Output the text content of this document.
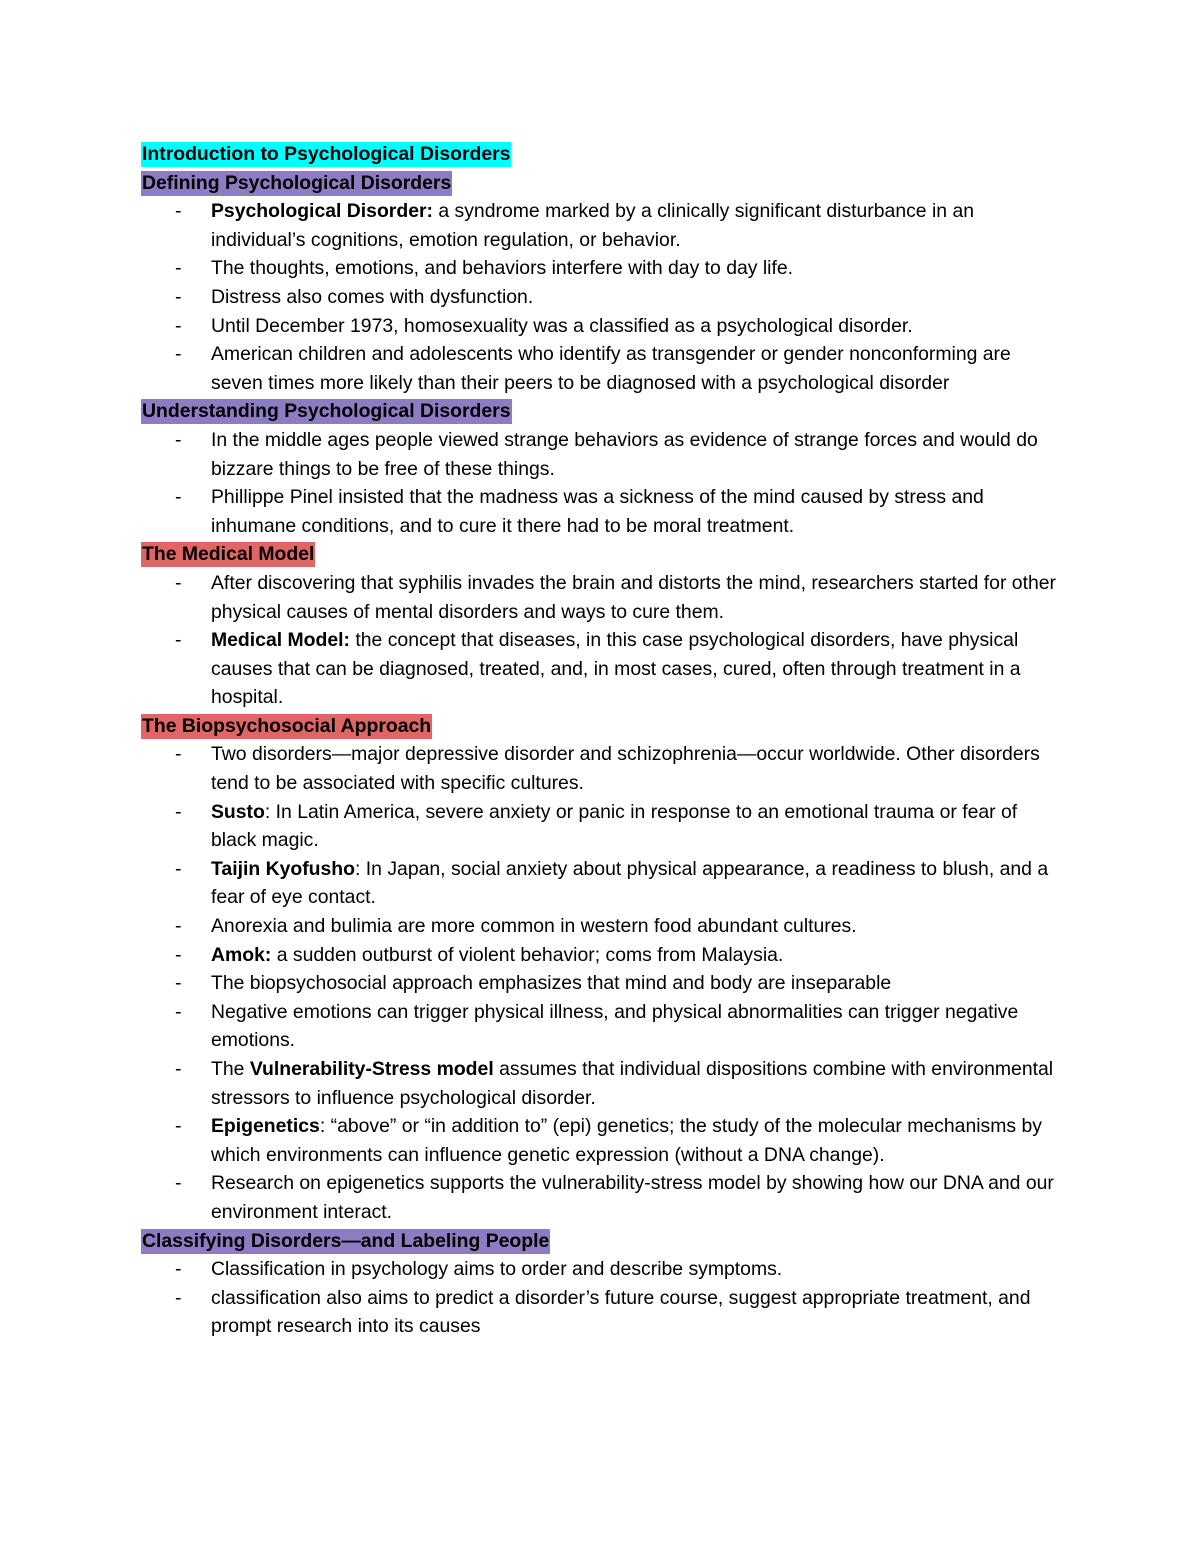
Introduction to Psychological Disorders
Defining Psychological Disorders
- Psychological Disorder: a syndrome marked by a clinically significant disturbance in an individual’s cognitions, emotion regulation, or behavior.
- The thoughts, emotions, and behaviors interfere with day to day life.
- Distress also comes with dysfunction.
- Until December 1973, homosexuality was a classified as a psychological disorder.
- American children and adolescents who identify as transgender or gender nonconforming are seven times more likely than their peers to be diagnosed with a psychological disorder
Understanding Psychological Disorders
- In the middle ages people viewed strange behaviors as evidence of strange forces and would do bizzare things to be free of these things.
- Phillippe Pinel insisted that the madness was a sickness of the mind caused by stress and inhumane conditions, and to cure it there had to be moral treatment.
The Medical Model
- After discovering that syphilis invades the brain and distorts the mind, researchers started for other physical causes of mental disorders and ways to cure them.
- Medical Model: the concept that diseases, in this case psychological disorders, have physical causes that can be diagnosed, treated, and, in most cases, cured, often through treatment in a hospital.
The Biopsychosocial Approach
- Two disorders—major depressive disorder and schizophrenia—occur worldwide. Other disorders tend to be associated with specific cultures.
- Susto: In Latin America, severe anxiety or panic in response to an emotional trauma or fear of black magic.
- Taijin Kyofusho: In Japan, social anxiety about physical appearance, a readiness to blush, and a fear of eye contact.
- Anorexia and bulimia are more common in western food abundant cultures.
- Amok: a sudden outburst of violent behavior; coms from Malaysia.
- The biopsychosocial approach emphasizes that mind and body are inseparable
- Negative emotions can trigger physical illness, and physical abnormalities can trigger negative emotions.
- The Vulnerability-Stress model assumes that individual dispositions combine with environmental stressors to influence psychological disorder.
- Epigenetics: “above” or “in addition to” (epi) genetics; the study of the molecular mechanisms by which environments can influence genetic expression (without a DNA change).
- Research on epigenetics supports the vulnerability-stress model by showing how our DNA and our environment interact.
Classifying Disorders—and Labeling People
- Classification in psychology aims to order and describe symptoms.
- classification also aims to predict a disorder’s future course, suggest appropriate treatment, and prompt research into its causes
